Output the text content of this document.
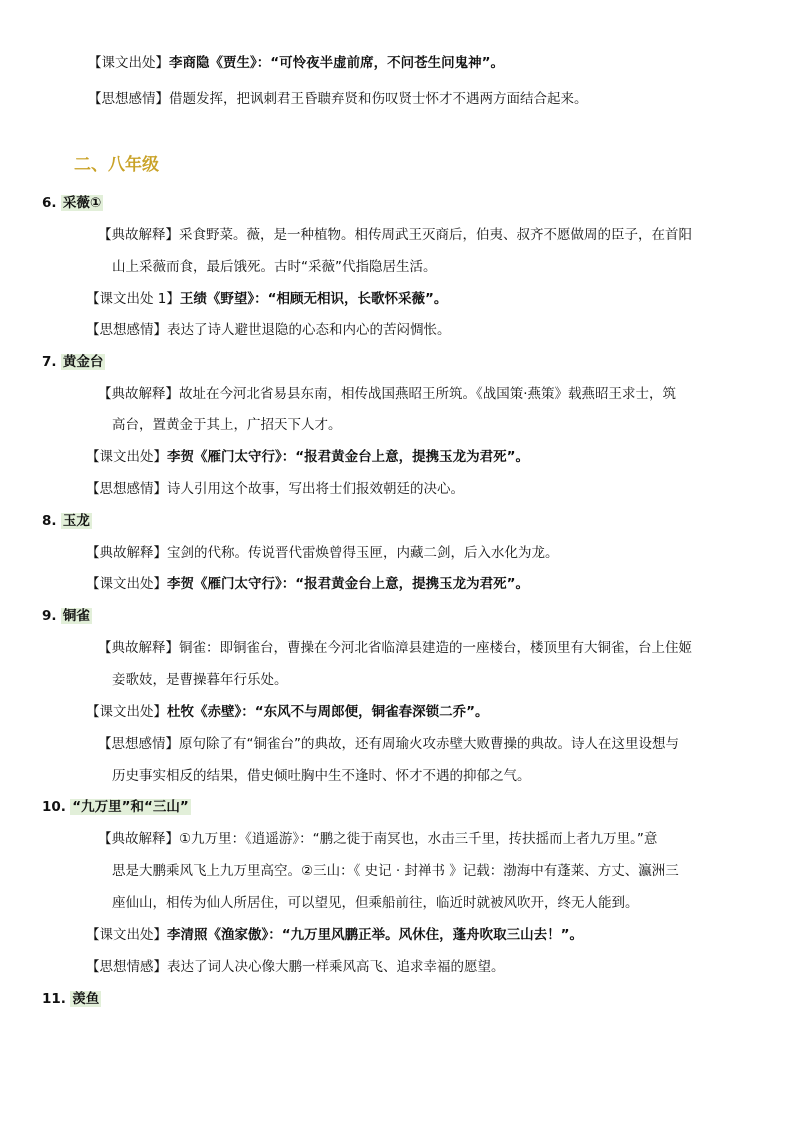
【课文出处】李商隐《贾生》：“可怜夜半虚前席，不问苍生问鬼神”。
【思想感情】借题发挥，把讽刺君王昏聩弃贤和伤叹贤士怀才不遇两方面结合起来。
二、八年级
6. 采薇①
【典故解释】采食野菜。薇，是一种植物。相传周武王灭商后，伯夷、叔齐不愿做周的臣子，在首阳
山上采薇而食，最后饿死。古时“采薇”代指隐居生活。
【课文出处 1】王绩《野望》：“相顾无相识，长歌怀采薇”。
【思想感情】表达了诗人避世退隐的心态和内心的苦闷惆怅。
7. 黄金台
【典故解释】故址在今河北省易县东南，相传战国燕昭王所筑。《战国策·燕策》载燕昭王求士，筑
高台，置黄金于其上，广招天下人才。
【课文出处】李贺《雁门太守行》：“报君黄金台上意，提携玉龙为君死”。
【思想感情】诗人引用这个故事，写出将士们报效朝廷的决心。
8. 玉龙
【典故解释】宝剑的代称。传说晋代雷焕曾得玉匣，内藏二剑，后入水化为龙。
【课文出处】李贺《雁门太守行》：“报君黄金台上意，提携玉龙为君死”。
9. 铜雀
【典故解释】铜雀：即铜雀台，曹操在今河北省临漳县建造的一座楼台，楼顶里有大铜雀，台上住姬
妾歌妓，是曹操暮年行乐处。
【课文出处】杜牧《赤壁》：“东风不与周郎便，铜雀春深锁二乔”。
【思想感情】原句除了有“铜雀台”的典故，还有周瑜火攻赤壁大败曹操的典故。诗人在这里设想与
历史事实相反的结果，借史倾吐胸中生不逢时、怀才不遇的抑郁之气。
10. “九万里”和“三山”
【典故解释】①九万里：《逍遥游》：“鹏之徙于南冥也，水击三千里，抟扶摇而上者九万里。”意
思是大鹏乘风飞上九万里高空。②三山：《 史记 · 封禅书 》记载：渤海中有蓬莱、方丈、瀛洲三
座仙山，相传为仙人所居住，可以望见，但乘船前往，临近时就被风吹开，终无人能到。
【课文出处】李清照《渔家傲》：“九万里风鹏正举。风休住，蓬舟吹取三山去！”。
【思想情感】表达了词人决心像大鹏一样乘风高飞、追求幸福的愿望。
11. 羡鱼
